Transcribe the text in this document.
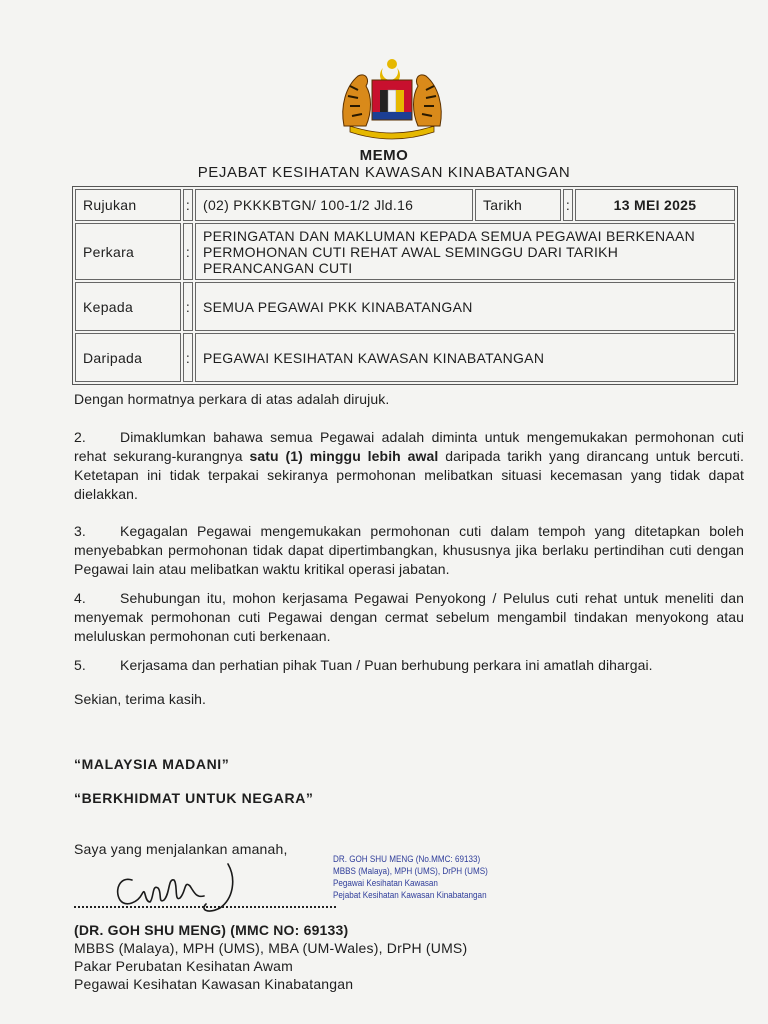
MEMO
PEJABAT KESIHATAN KAWASAN KINABATANGAN
Rujukan	:	(02) PKKKBTGN/ 100-1/2 Jld.16	Tarikh	:	13 MEI 2025
Perkara	:	PERINGATAN DAN MAKLUMAN KEPADA SEMUA PEGAWAI BERKENAAN PERMOHONAN CUTI REHAT AWAL SEMINGGU DARI TARIKH PERANCANGAN CUTI			
Kepada	:	SEMUA PEGAWAI PKK KINABATANGAN			
Daripada	:	PEGAWAI KESIHATAN KAWASAN KINABATANGAN			
Dengan hormatnya perkara di atas adalah dirujuk.
2. Dimaklumkan bahawa semua Pegawai adalah diminta untuk mengemukakan permohonan cuti rehat sekurang-kurangnya satu (1) minggu lebih awal daripada tarikh yang dirancang untuk bercuti. Ketetapan ini tidak terpakai sekiranya permohonan melibatkan situasi kecemasan yang tidak dapat dielakkan.
3. Kegagalan Pegawai mengemukakan permohonan cuti dalam tempoh yang ditetapkan boleh menyebabkan permohonan tidak dapat dipertimbangkan, khususnya jika berlaku pertindihan cuti dengan Pegawai lain atau melibatkan waktu kritikal operasi jabatan.
4. Sehubungan itu, mohon kerjasama Pegawai Penyokong / Pelulus cuti rehat untuk meneliti dan menyemak permohonan cuti Pegawai dengan cermat sebelum mengambil tindakan menyokong atau meluluskan permohonan cuti berkenaan.
5. Kerjasama dan perhatian pihak Tuan / Puan berhubung perkara ini amatlah dihargai.
Sekian, terima kasih.
“MALAYSIA MADANI”
“BERKHIDMAT UNTUK NEGARA”
Saya yang menjalankan amanah,
DR. GOH SHU MENG (No.MMC: 69133)
MBBS (Malaya), MPH (UMS), DrPH (UMS)
Pegawai Kesihatan Kawasan
Pejabat Kesihatan Kawasan Kinabatangan
(DR. GOH SHU MENG) (MMC NO: 69133)
MBBS (Malaya), MPH (UMS), MBA (UM-Wales), DrPH (UMS)
Pakar Perubatan Kesihatan Awam
Pegawai Kesihatan Kawasan Kinabatangan
